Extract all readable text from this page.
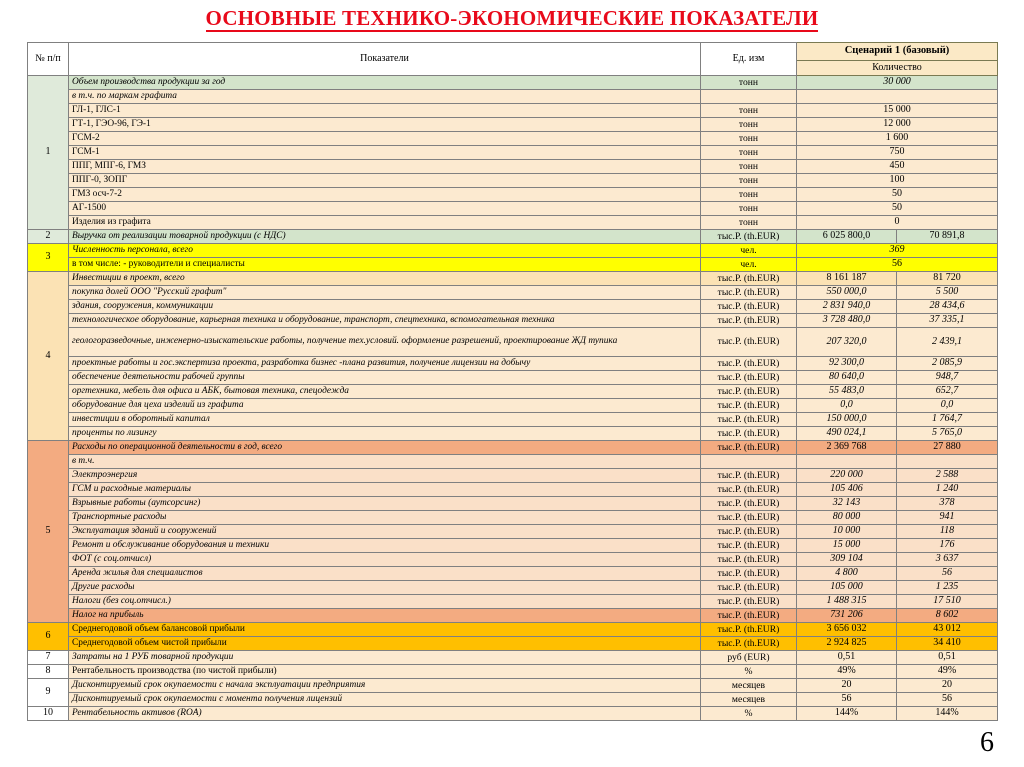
ОСНОВНЫЕ ТЕХНИКО-ЭКОНОМИЧЕСКИЕ ПОКАЗАТЕЛИ
№ п/п	Показатели	Ед. изм	Сценарий 1 (базовый)	
			Количество	
1	Объем производства продукции за год	тонн	30 000	
	в т.ч. по маркам графита			
	ГЛ-1, ГЛС-1	тонн	15 000	
	ГТ-1, ГЭО-96, ГЭ-1	тонн	12 000	
	ГСМ-2	тонн	1 600	
	ГСМ-1	тонн	750	
	ППГ, МПГ-6, ГМЗ	тонн	450	
	ППГ-0, ЗОПГ	тонн	100	
	ГМЗ осч-7-2	тонн	50	
	АГ-1500	тонн	50	
	Изделия из графита	тонн	0	
2	Выручка от реализации товарной продукции (с НДС)	тыс.Р. (th.EUR)	6 025 800,0	70 891,8
3	Численность персонала, всего	чел.	369	
	в том числе: - руководители и специалисты	чел.	56	
4	Инвестиции в проект, всего	тыс.Р. (th.EUR)	8 161 187	81 720
	покупка долей ООО "Русский графит"	тыс.Р. (th.EUR)	550 000,0	5 500
	здания, сооружения, коммуникации	тыс.Р. (th.EUR)	2 831 940,0	28 434,6
	технологическое оборудование, карьерная техника и оборудование, транспорт, спецтехника, вспомогательная техника	тыс.Р. (th.EUR)	3 728 480,0	37 335,1
	геологоразведочные, инженерно-изыскательские работы, получение тех.условий. оформление разрешений, проектирование ЖД тупика	тыс.Р. (th.EUR)	207 320,0	2 439,1
	проектные работы и гос.экспертиза проекта, разработка бизнес -плана развития, получение лицензии на добычу	тыс.Р. (th.EUR)	92 300,0	2 085,9
	обеспечение деятельности рабочей группы	тыс.Р. (th.EUR)	80 640,0	948,7
	оргтехника, мебель для офиса и АБК, бытовая техника, спецодежда	тыс.Р. (th.EUR)	55 483,0	652,7
	оборудование для цеха изделий из графита	тыс.Р. (th.EUR)	0,0	0,0
	инвестиции в оборотный капитал	тыс.Р. (th.EUR)	150 000,0	1 764,7
	проценты по лизингу	тыс.Р. (th.EUR)	490 024,1	5 765,0
5	Расходы по операционной деятельности в год, всего	тыс.Р. (th.EUR)	2 369 768	27 880
	в т.ч.			
	Электроэнергия	тыс.Р. (th.EUR)	220 000	2 588
	ГСМ и расходные материалы	тыс.Р. (th.EUR)	105 406	1 240
	Взрывные работы (аутсорсинг)	тыс.Р. (th.EUR)	32 143	378
	Транспортные расходы	тыс.Р. (th.EUR)	80 000	941
	Эксплуатация зданий и сооружений	тыс.Р. (th.EUR)	10 000	118
	Ремонт и обслуживание оборудования и техники	тыс.Р. (th.EUR)	15 000	176
	ФОТ (с соц.отчисл)	тыс.Р. (th.EUR)	309 104	3 637
	Аренда жилья для специалистов	тыс.Р. (th.EUR)	4 800	56
	Другие расходы	тыс.Р. (th.EUR)	105 000	1 235
	Налоги (без соц.отчисл.)	тыс.Р. (th.EUR)	1 488 315	17 510
	Налог на прибыль	тыс.Р. (th.EUR)	731 206	8 602
6	Среднегодовой объем балансовой прибыли	тыс.Р. (th.EUR)	3 656 032	43 012
	Среднегодовой объем чистой прибыли	тыс.Р. (th.EUR)	2 924 825	34 410
7	Затраты на 1 РУБ товарной продукции	руб (EUR)	0,51	0,51
8	Рентабельность производства (по чистой прибыли)	%	49%	49%
9	Дисконтируемый срок окупаемости с начала эксплуатации предприятия	месяцев	20	20
	Дисконтируемый срок окупаемости с момента получения лицензий	месяцев	56	56
10	Рентабельность активов (ROA)	%	144%	144%
6
